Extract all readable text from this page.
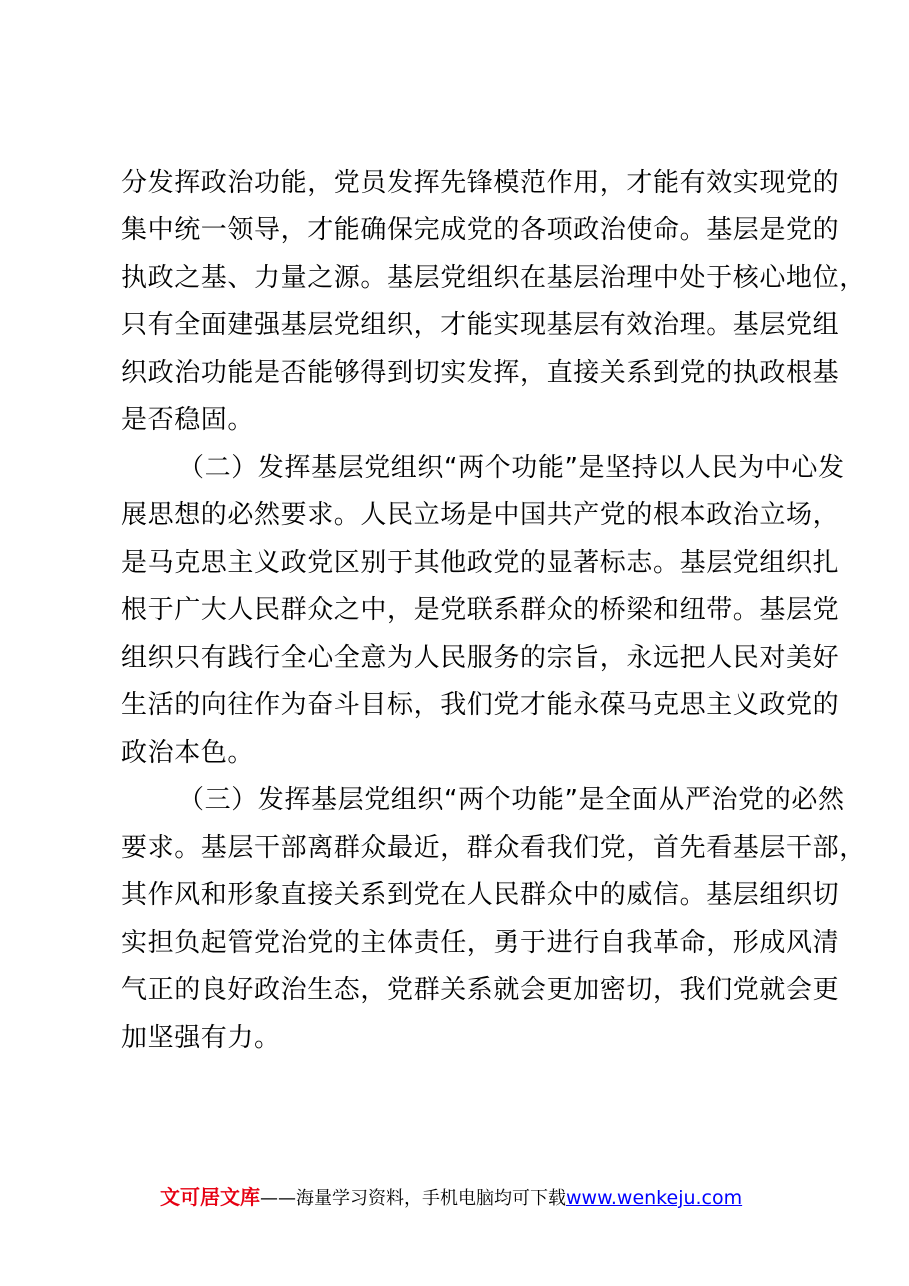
分发挥政治功能，党员发挥先锋模范作用，才能有效实现党的
集中统一领导，才能确保完成党的各项政治使命。基层是党的
执政之基、力量之源。基层党组织在基层治理中处于核心地位，
只有全面建强基层党组织，才能实现基层有效治理。基层党组
织政治功能是否能够得到切实发挥，直接关系到党的执政根基
是否稳固。
（二）发挥基层党组织“两个功能”是坚持以人民为中心发
展思想的必然要求。人民立场是中国共产党的根本政治立场，
是马克思主义政党区别于其他政党的显著标志。基层党组织扎
根于广大人民群众之中，是党联系群众的桥梁和纽带。基层党
组织只有践行全心全意为人民服务的宗旨，永远把人民对美好
生活的向往作为奋斗目标，我们党才能永葆马克思主义政党的
政治本色。
（三）发挥基层党组织“两个功能”是全面从严治党的必然
要求。基层干部离群众最近，群众看我们党，首先看基层干部，
其作风和形象直接关系到党在人民群众中的威信。基层组织切
实担负起管党治党的主体责任，勇于进行自我革命，形成风清
气正的良好政治生态，党群关系就会更加密切，我们党就会更
加坚强有力。
文可居文库——海量学习资料，手机电脑均可下载www.wenkeju.com
